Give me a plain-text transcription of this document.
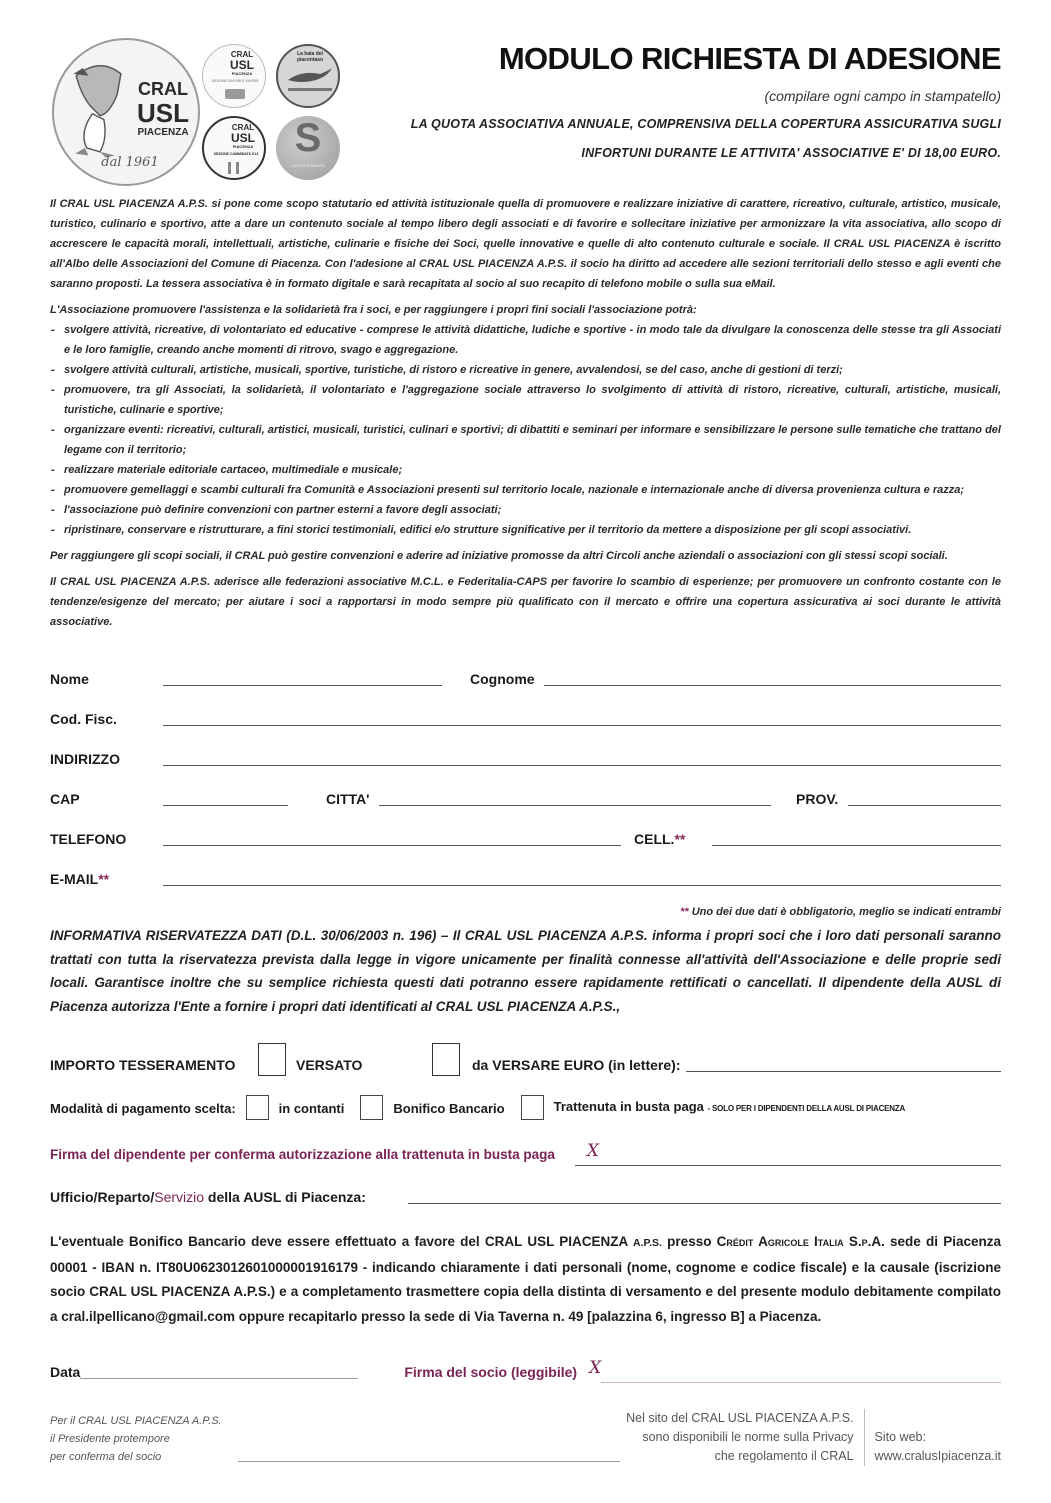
CRAL
USL
PIACENZA
dal 1961
CRAL
USL
PIACENZA
SEZIONE SAPORI E SAPERI
La baia del
piacentaso
CRAL
USL
PIACENZA
SEZIONE CAMMINATA K13 S
CIRCOLO SANITA
MODULO RICHIESTA DI ADESIONE
(compilare ogni campo in stampatello)
LA QUOTA ASSOCIATIVA ANNUALE, COMPRENSIVA DELLA COPERTURA ASSICURATIVA SUGLI
INFORTUNI DURANTE LE ATTIVITA' ASSOCIATIVE E' DI 18,00 EURO.

Il CRAL USL PIACENZA A.P.S. si pone come scopo statutario ed attività istituzionale quella di promuovere e realizzare iniziative di carattere, ricreativo, culturale, artistico, musicale, turistico, culinario e sportivo, atte a dare un contenuto sociale al tempo libero degli associati e di favorire e sollecitare iniziative per armonizzare la vita associativa, allo scopo di accrescere le capacità morali, intellettuali, artistiche, culinarie e fisiche dei Soci, quelle innovative e quelle di alto contenuto culturale e sociale. Il CRAL USL PIACENZA è iscritto all'Albo delle Associazioni del Comune di Piacenza. Con l'adesione al CRAL USL PIACENZA A.P.S. il socio ha diritto ad accedere alle sezioni territoriali dello stesso e agli eventi che saranno proposti. La tessera associativa è in formato digitale e sarà recapitata al socio al suo recapito di telefono mobile o sulla sua eMail.

L'Associazione promuovere l'assistenza e la solidarietà fra i soci, e per raggiungere i propri fini sociali l'associazione potrà:
- svolgere attività, ricreative, di volontariato ed educative - comprese le attività didattiche, ludiche e sportive - in modo tale da divulgare la conoscenza delle stesse tra gli Associati e le loro famiglie, creando anche momenti di ritrovo, svago e aggregazione.
- svolgere attività culturali, artistiche, musicali, sportive, turistiche, di ristoro e ricreative in genere, avvalendosi, se del caso, anche di gestioni di terzi;
- promuovere, tra gli Associati, la solidarietà, il volontariato e l'aggregazione sociale attraverso lo svolgimento di attività di ristoro, ricreative, culturali, artistiche, musicali, turistiche, culinarie e sportive;
- organizzare eventi: ricreativi, culturali, artistici, musicali, turistici, culinari e sportivi; di dibattiti e seminari per informare e sensibilizzare le persone sulle tematiche che trattano del legame con il territorio;
- realizzare materiale editoriale cartaceo, multimediale e musicale;
- promuovere gemellaggi e scambi culturali fra Comunità e Associazioni presenti sul territorio locale, nazionale e internazionale anche di diversa provenienza cultura e razza;
- l'associazione può definire convenzioni con partner esterni a favore degli associati;
- ripristinare, conservare e ristrutturare, a fini storici testimoniali, edifici e/o strutture significative per il territorio da mettere a disposizione per gli scopi associativi.

Per raggiungere gli scopi sociali, il CRAL può gestire convenzioni e aderire ad iniziative promosse da altri Circoli anche aziendali o associazioni con gli stessi scopi sociali.

Il CRAL USL PIACENZA A.P.S. aderisce alle federazioni associative M.C.L. e Federitalia-CAPS per favorire lo scambio di esperienze; per promuovere un confronto costante con le tendenze/esigenze del mercato; per aiutare i soci a rapportarsi in modo sempre più qualificato con il mercato e offrire una copertura assicurativa ai soci durante le attività associative.

Nome	Cognome
Cod. Fisc.
INDIRIZZO
CAP	CITTA'	PROV.
TELEFONO	CELL.**
E-MAIL**
** Uno dei due dati è obbligatorio, meglio se indicati entrambi
INFORMATIVA RISERVATEZZA DATI (D.L. 30/06/2003 n. 196) – Il CRAL USL PIACENZA A.P.S. informa i propri soci che i loro dati personali saranno trattati con tutta la riservatezza prevista dalla legge in vigore unicamente per finalità connesse all'attività dell'Associazione e delle proprie sedi locali. Garantisce inoltre che su semplice richiesta questi dati potranno essere rapidamente rettificati o cancellati. Il dipendente della AUSL di Piacenza autorizza l'Ente a fornire i propri dati identificati al CRAL USL PIACENZA A.P.S.,
IMPORTO TESSERAMENTO	VERSATO	da VERSARE EURO (in lettere):
Modalità di pagamento scelta:	in contanti	Bonifico Bancario	Trattenuta in busta paga - SOLO PER I DIPENDENTI DELLA AUSL DI PIACENZA
Firma del dipendente per conferma autorizzazione alla trattenuta in busta paga X
Ufficio/Reparto/Servizio della AUSL di Piacenza:
L'eventuale Bonifico Bancario deve essere effettuato a favore del CRAL USL PIACENZA A.P.S. presso Crédit Agricole Italia S.p.A. sede di Piacenza 00001 - IBAN n. IT80U0623012601000001916179 - indicando chiaramente i dati personali (nome, cognome e codice fiscale) e la causale (iscrizione socio CRAL USL PIACENZA A.P.S.) e a completamento trasmettere copia della distinta di versamento e del presente modulo debitamente compilato a cral.ilpellicano@gmail.com oppure recapitarlo presso la sede di Via Taverna n. 49 [palazzina 6, ingresso B] a Piacenza.
Data	Firma del socio (leggibile) X
Per il CRAL USL PIACENZA A.P.S.
il Presidente protempore
per conferma del socio
Nel sito del CRAL USL PIACENZA A.P.S.
sono disponibili le norme sulla Privacy
che regolamento il CRAL
Sito web:
www.cralusIpiacenza.it
